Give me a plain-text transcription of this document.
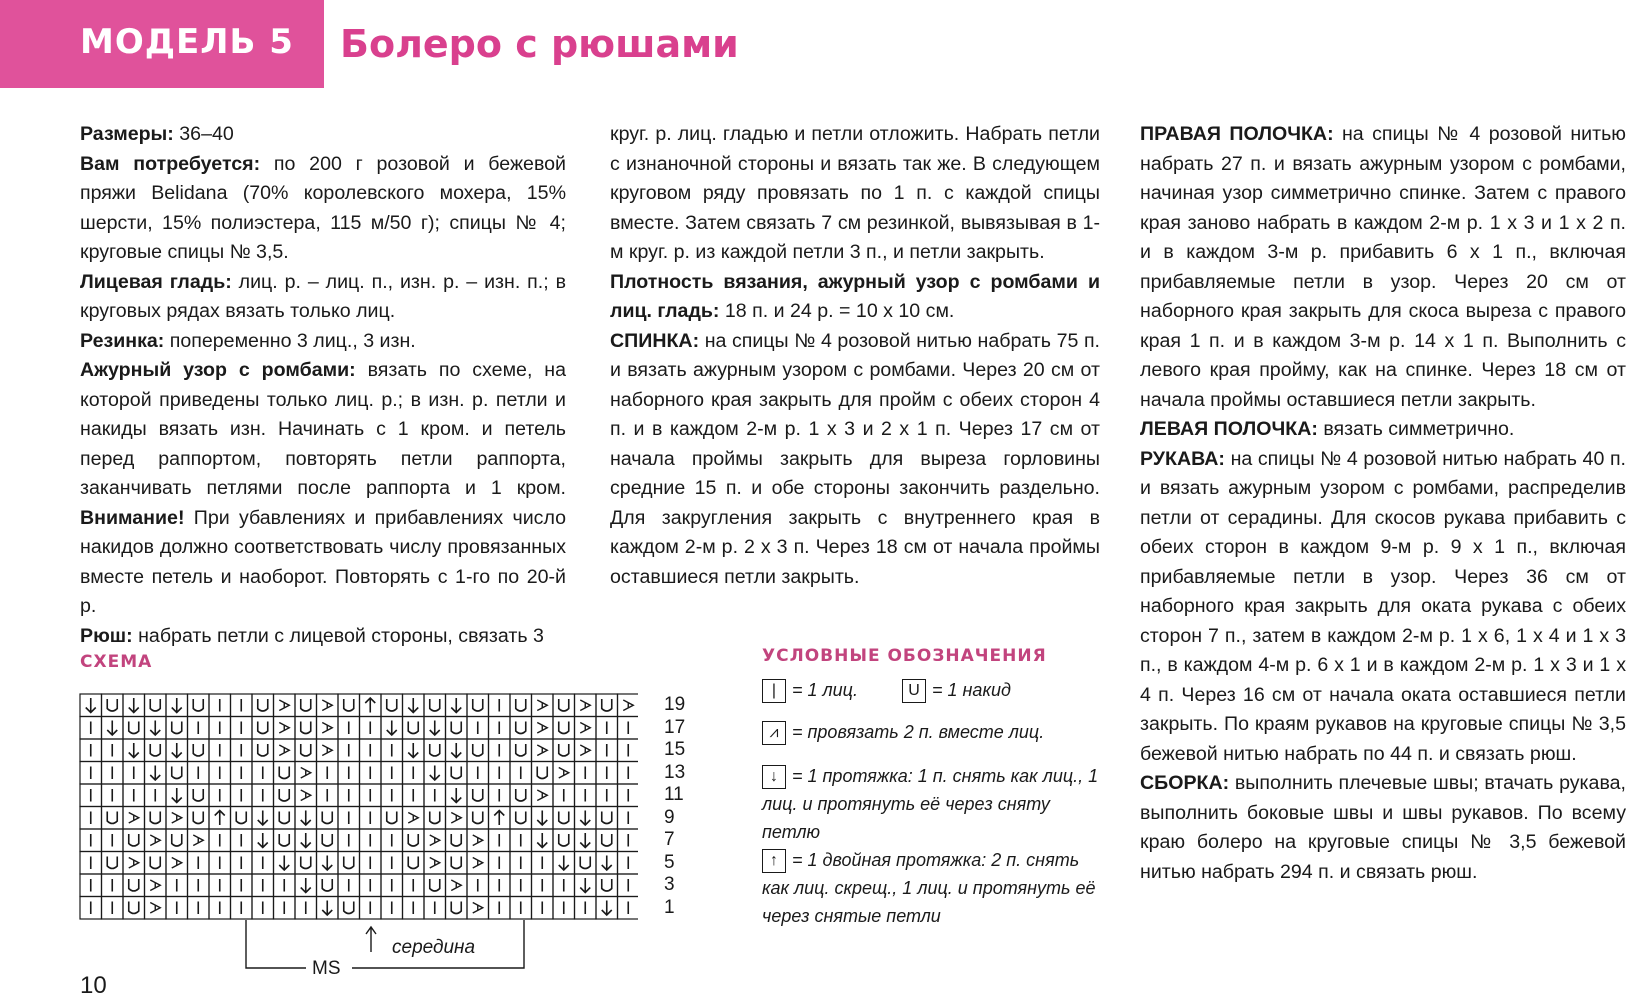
МОДЕЛЬ 5 Болеро с рюшами

Размеры: 36–40

Вам потребуется: по 200 г розовой и бежевой пряжи Belidana (70% королевского мохера, 15% шерсти, 15% полиэстера, 115 м/50 г); спицы № 4; круговые спицы № 3,5.

Лицевая гладь: лиц. р. – лиц. п., изн. р. – изн. п.; в круговых рядах вязать только лиц.

Резинка: попеременно 3 лиц., 3 изн.

Ажурный узор с ромбами: вязать по схеме, на которой приведены только лиц. р.; в изн. р. петли и накиды вязать изн. Начинать с 1 кром. и петель перед раппортом, повторять петли раппорта, заканчивать петлями после раппорта и 1 кром. Внимание! При убавлениях и прибавлениях число накидов должно соответствовать числу провязанных вместе петель и наоборот. Повторять с 1-го по 20-й р.

Рюш: набрать петли с лицевой стороны, связать 3

круг. р. лиц. гладью и петли отложить. Набрать петли с изнаночной стороны и вязать так же. В следующем круговом ряду провязать по 1 п. с каждой спицы вместе. Затем связать 7 см резинкой, вывязывая в 1-м круг. р. из каждой петли 3 п., и петли закрыть.

Плотность вязания, ажурный узор с ромбами и лиц. гладь: 18 п. и 24 р. = 10 х 10 см.

СПИНКА: на спицы № 4 розовой нитью набрать 75 п. и вязать ажурным узором с ромбами. Через 20 см от наборного края закрыть для пройм с обеих сторон 4 п. и в каждом 2-м р. 1 х 3 и 2 х 1 п. Через 17 см от начала проймы закрыть для выреза горловины средние 15 п. и обе стороны закончить раздельно. Для закругления закрыть с внутреннего края в каждом 2-м р. 2 х 3 п. Через 18 см от начала проймы оставшиеся петли закрыть.

ПРАВАЯ ПОЛОЧКА: на спицы № 4 розовой нитью набрать 27 п. и вязать ажурным узором с ромбами, начиная узор симметрично спинке. Затем с правого края заново набрать в каждом 2-м р. 1 х 3 и 1 х 2 п. и в каждом 3-м р. прибавить 6 х 1 п., включая прибавляемые петли в узор. Через 20 см от наборного края закрыть для скоса выреза с правого края 1 п. и в каждом 3-м р. 14 х 1 п. Выполнить с левого края пройму, как на спинке. Через 18 см от начала проймы оставшиеся петли закрыть.

ЛЕВАЯ ПОЛОЧКА: вязать симметрично.

РУКАВА: на спицы № 4 розовой нитью набрать 40 п. и вязать ажурным узором с ромбами, распределив петли от серадины. Для скосов рукава прибавить с обеих сторон в каждом 9-м р. 9 х 1 п., включая прибавляемые петли в узор. Через 36 см от наборного края закрыть для оката рукава с обеих сторон 7 п., затем в каждом 2-м р. 1 х 6, 1 х 4 и 1 х 3 п., в каждом 4-м р. 6 х 1 и в каждом 2-м р. 1 х 3 и 1 х 4 п. Через 16 см от начала оката оставшиеся петли закрыть. По краям рукавов на круговые спицы № 3,5 бежевой нитью набрать по 44 п. и связать рюш.

СБОРКА: выполнить плечевые швы; втачать рукава, выполнить боковые швы и швы рукавов. По всему краю болеро на круговые спицы № 3,5 бежевой нитью набрать 294 п. и связать рюш.

СХЕМА
19
17
15
13
11
9
7
5
3
1
середина
MS
УСЛОВНЫЕ ОБОЗНАЧЕНИЯ
| = 1 лиц.	U = 1 накид
⩘ = провязать 2 п. вместе лиц.
↓ = 1 протяжка: 1 п. снять как лиц., 1 лиц. и протянуть её через сняту петлю
↑ = 1 двойная протяжка: 2 п. снять как лиц. скрещ., 1 лиц. и протянуть её через снятые петли
10
